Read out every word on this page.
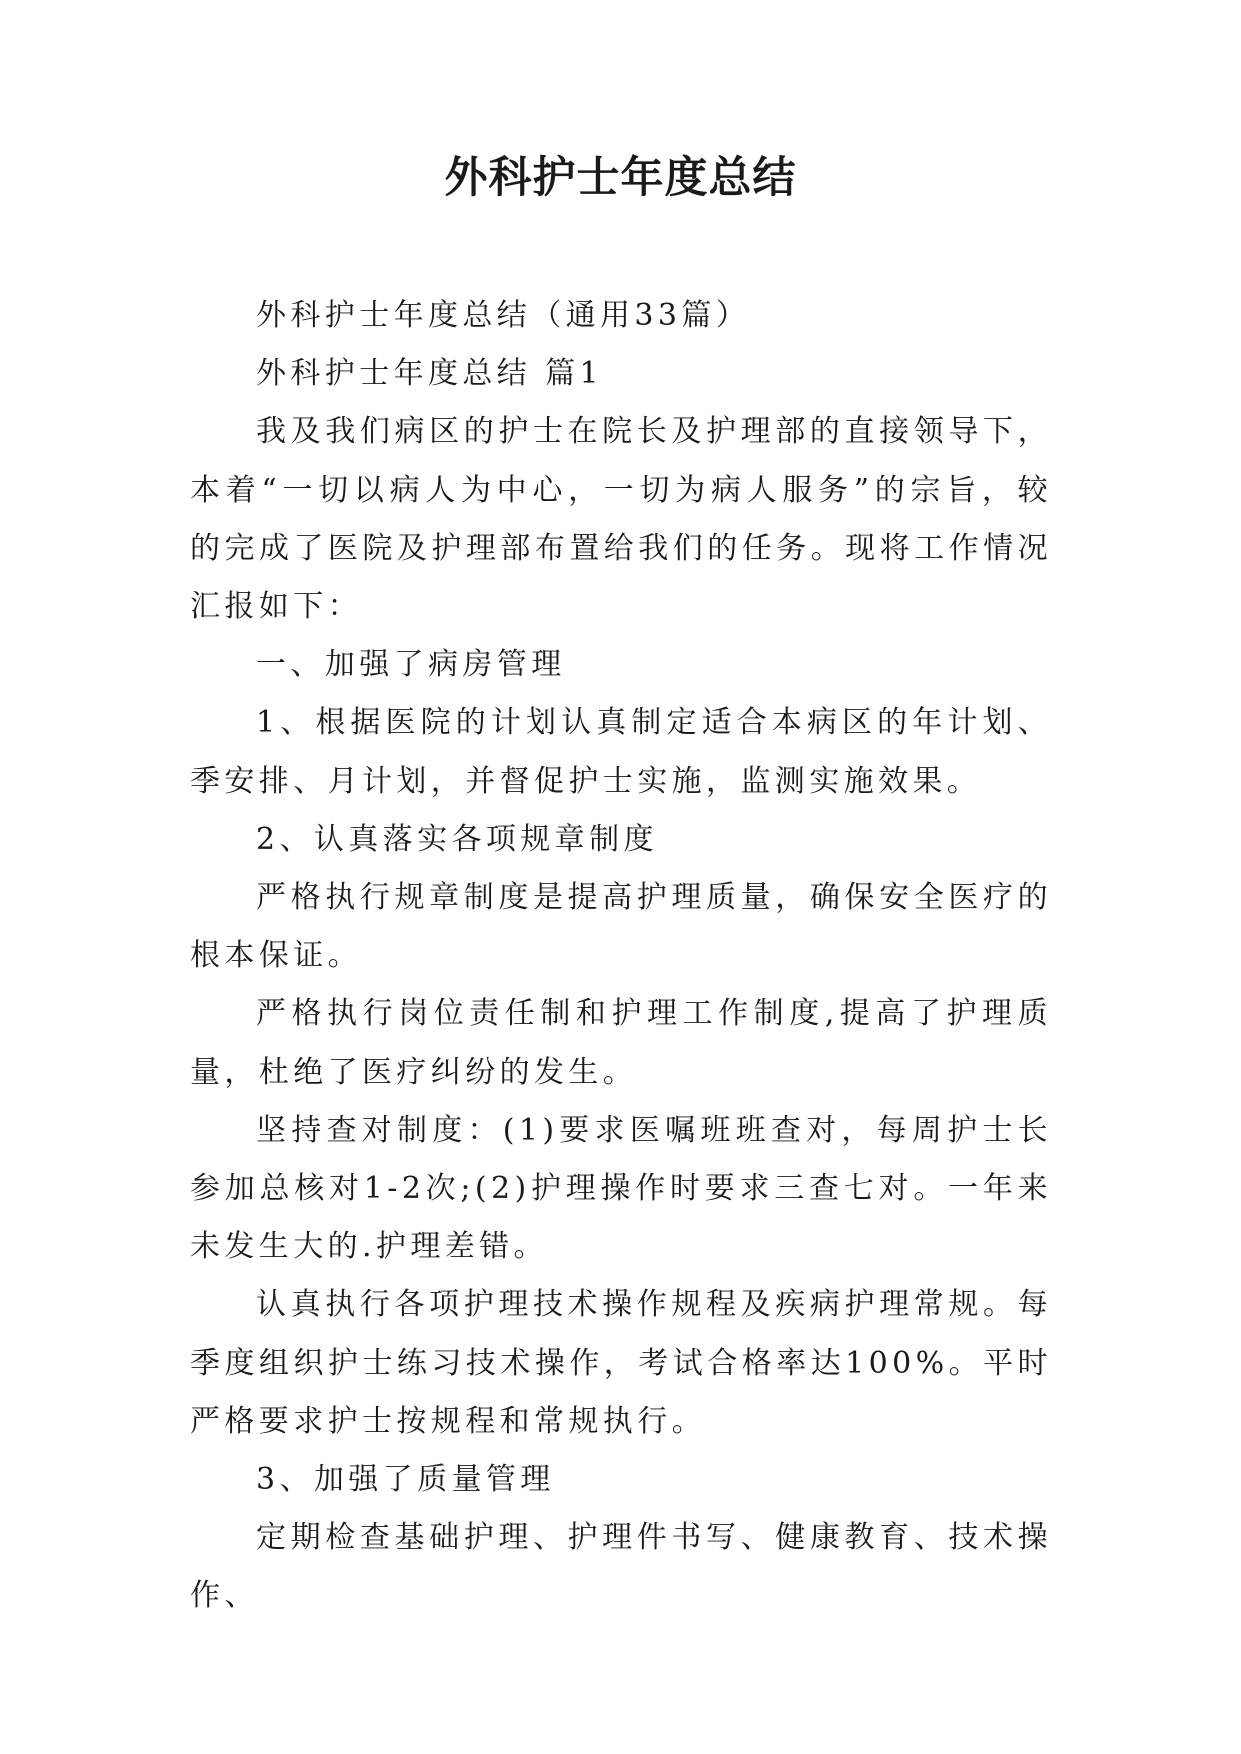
外科护士年度总结

外科护士年度总结（通用33篇）

外科护士年度总结 篇1

我及我们病区的护士在院长及护理部的直接领导下，本着“一切以病人为中心，一切为病人服务”的宗旨，较的完成了医院及护理部布置给我们的任务。现将工作情况汇报如下：

一、加强了病房管理

1、根据医院的计划认真制定适合本病区的年计划、季安排、月计划，并督促护士实施，监测实施效果。

2、认真落实各项规章制度

严格执行规章制度是提高护理质量，确保安全医疗的根本保证。

严格执行岗位责任制和护理工作制度,提高了护理质量，杜绝了医疗纠纷的发生。

坚持查对制度：(1)要求医嘱班班查对，每周护士长参加总核对1-2次;(2)护理操作时要求三查七对。一年来未发生大的.护理差错。

认真执行各项护理技术操作规程及疾病护理常规。每季度组织护士练习技术操作，考试合格率达100%。平时严格要求护士按规程和常规执行。

3、加强了质量管理

定期检查基础护理、护理件书写、健康教育、技术操作、
